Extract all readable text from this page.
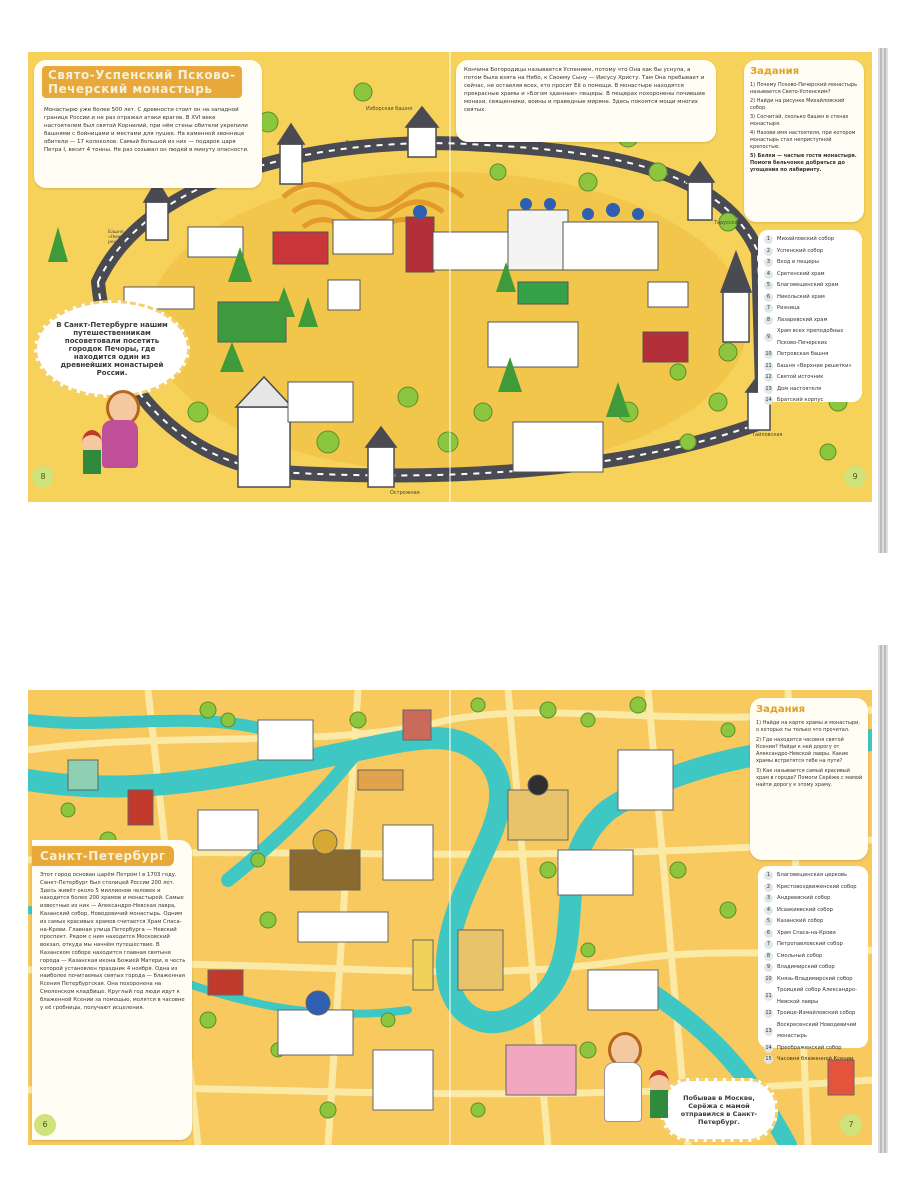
Свято-Успенский Псково-
Печерский монастырь
Монастырю уже более 500 лет. С древности стоит он на западной границе России и не раз отражал атаки врагов. В XVI веке настоятелем был святой Корнилий, при нём стены обители укрепили башнями с бойницами и местами для пушек. На каменной звоннице обители — 17 колоколов. Самый большой из них — подарок царя Петра I, весит 4 тонны. Не раз созывал он людей в минуту опасности.
Кончина Богородицы называется Успением, потому что Она как бы уснула, а потом была взята на Небо, к Своему Сыну — Иисусу Христу. Там Она пребывает и сейчас, не оставляя всех, кто просит Её о помощи. В монастыре находятся прекрасные храмы и «Богом зданные» пещеры. В пещерах похоронены почившие монахи, священники, воины и праведные миряне. Здесь покоятся мощи многих святых.
Задания
1) Почему Псково-Печерский монастырь называется Свято-Успенским?
2) Найди на рисунке Михайловский собор.
3) Сосчитай, сколько башен в стенах монастыря.
4) Назови имя настоятеля, при котором монастырь стал неприступной крепостью.
5) Белки — частые гости монастыря. Помоги бельчонке добраться до угощения по лабиринту.
1	Михайловский собор
2	Успенский собор
3	Вход в пещеры
4	Сретенский храм
5	Благовещенский храм
6	Никольский храм
7	Ризница
8	Лазаревский храм
9
Храм всех преподобных Псково-Печерских
10 Петровская башня
11 Башня «Верхние решетки»
12 Святой источник
13 Дом настоятеля
14 Братский корпус
В Санкт-Петербурге нашим путешественникам посоветовали посетить городок Печоры, где находится один из древнейших монастырей России.
Благовещенская
Изборская башня
Башня «Нижние решётки»
Тарусская
Тайловская
Острожная
8	9
Санкт-Петербург
Этот город основан царём Петром I в 1703 году. Санкт-Петербург был столицей России 200 лет. Здесь живёт около 5 миллионов человек и находится более 200 храмов и монастырей. Самые известные из них — Александро-Невская лавра, Казанский собор, Новодевичий монастырь. Одним из самых красивых храмов считается Храм Спаса-на-Крови. Главная улица Петербурга — Невский проспект. Рядом с ним находится Московский вокзал, откуда мы начнём путешествие. В Казанском соборе находится главная святыня города — Казанская икона Божией Матери, в честь которой установлен праздник 4 ноября. Одна из наиболее почитаемых святых города — блаженная Ксения Петербургская. Она похоронена на Смоленском кладбище. Круглый год люди идут к блаженной Ксении за помощью, молятся в часовне у её гробницы, получают исцеления.
Задания
1) Найди на карте храмы и монастыри, о которых ты только что прочитал.
2) Где находится часовня святой Ксении? Найди к ней дорогу от Александро-Невской лавры. Какие храмы встретятся тебе на пути?
3) Как называется самый красивый храм в городе? Помоги Серёже с мамой найти дорогу к этому храму.
1	Благовещенская церковь
2	Крестовоздвиженский собор
3	Андреевский собор
4	Исаакиевский собор
5	Казанский собор
6	Храм Спаса-на-Крови
7	Петропавловский собор
8	Смольный собор
9	Владимирский собор
10 Князь-Владимирский собор
11
Троицкий собор Александро-Невской лавры
12 Троице-Измайловский собор
13
Воскресенский Новодевичий монастырь
14 Преображенский собор
15 Часовня блаженной Ксении
Побывав в Москве, Серёжа с мамой отправился в Санкт-Петербург.
6	7
